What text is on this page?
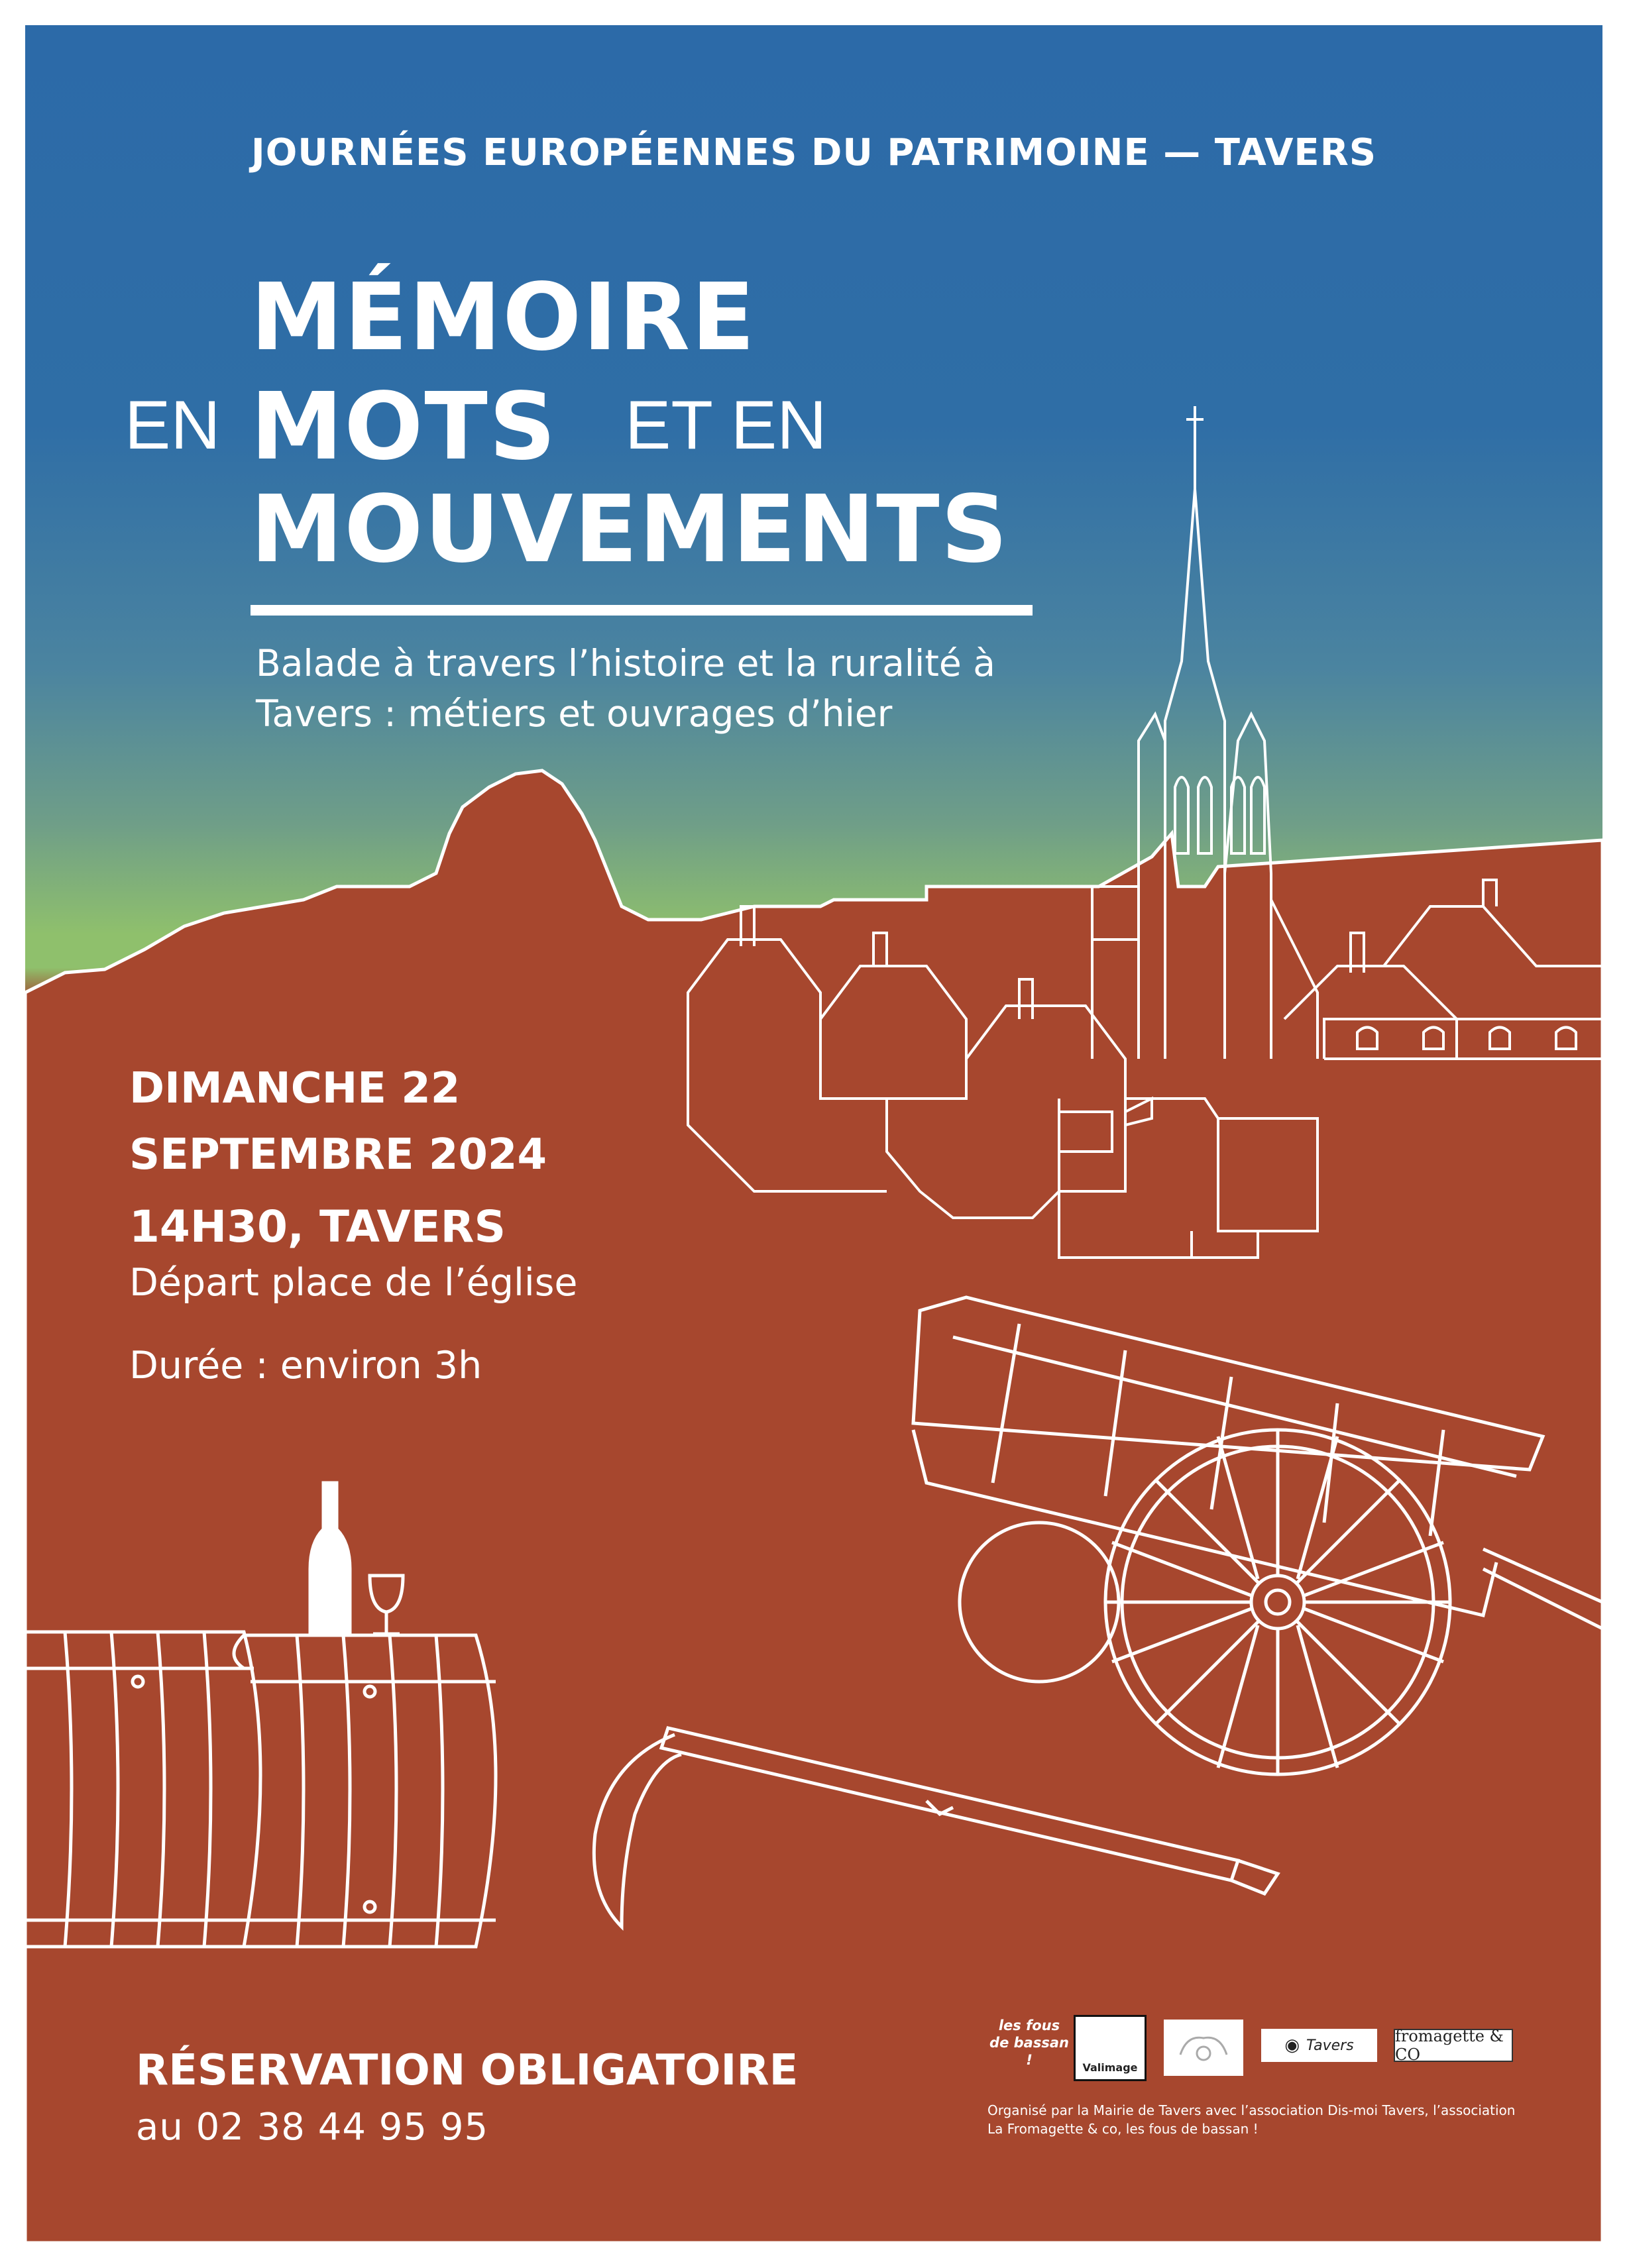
JOURNÉES EUROPÉENNES DU PATRIMOINE — TAVERS

MÉMOIRE

EN MOTS ET EN

MOUVEMENTS

Balade à travers l’histoire et la ruralité à Tavers : métiers et ouvrages d’hier

DIMANCHE 22
SEPTEMBRE 2024

14H30, TAVERS

Départ place de l’église

Durée : environ 3h

RÉSERVATION OBLIGATOIRE

au 02 38 44 95 95

les fous de bassan !	Valimage
◉ Tavers	fromagette & CO

Organisé par la Mairie de Tavers avec l’association Dis-moi Tavers, l’association La Fromagette & co, les fous de bassan !
